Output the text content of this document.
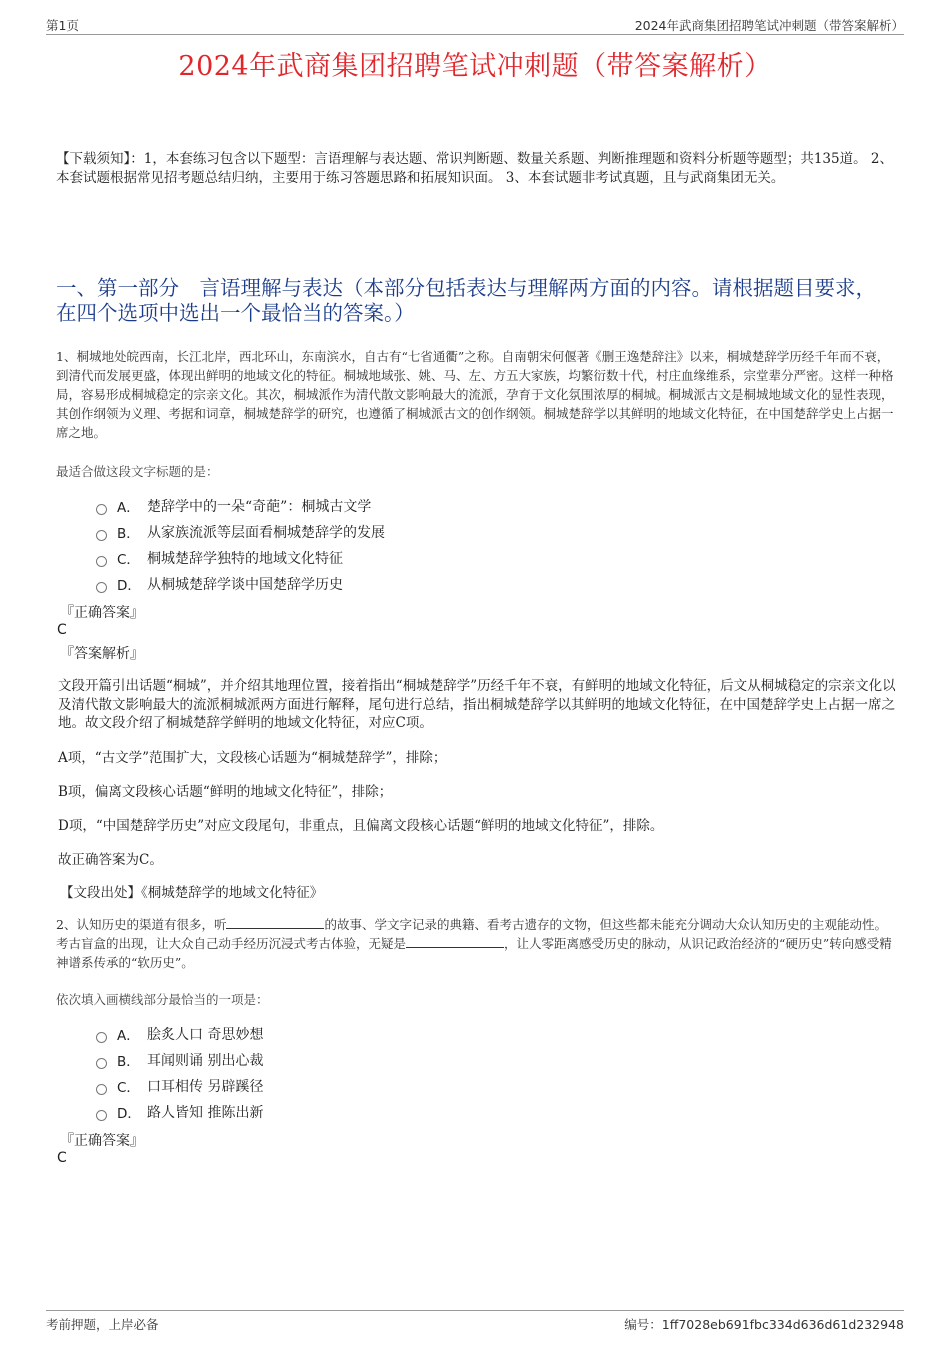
第1页	2024年武商集团招聘笔试冲刺题（带答案解析）
2024年武商集团招聘笔试冲刺题（带答案解析）
【下载须知】：1，本套练习包含以下题型：言语理解与表达题、常识判断题、数量关系题、判断推理题和资料分析题等题型；共135道。 2、本套试题根据常见招考题总结归纳，主要用于练习答题思路和拓展知识面。 3、本套试题非考试真题，且与武商集团无关。
一、第一部分　言语理解与表达（本部分包括表达与理解两方面的内容。请根据题目要求，在四个选项中选出一个最恰当的答案。）
1、桐城地处皖西南，长江北岸，西北环山，东南滨水，自古有“七省通衢”之称。自南朝宋何偃著《删王逸楚辞注》以来，桐城楚辞学历经千年而不衰，到清代而发展更盛，体现出鲜明的地域文化的特征。桐城地域张、姚、马、左、方五大家族，均繁衍数十代，村庄血缘维系，宗堂辈分严密。这样一种格局，容易形成桐城稳定的宗亲文化。其次，桐城派作为清代散文影响最大的流派，孕育于文化氛围浓厚的桐城。桐城派古文是桐城地域文化的显性表现，其创作纲领为义理、考据和词章，桐城楚辞学的研究，也遵循了桐城派古文的创作纲领。桐城楚辞学以其鲜明的地域文化特征，在中国楚辞学史上占据一席之地。
最适合做这段文字标题的是：
A． 楚辞学中的一朵“奇葩”：桐城古文学
B． 从家族流派等层面看桐城楚辞学的发展
C． 桐城楚辞学独特的地域文化特征
D． 从桐城楚辞学谈中国楚辞学历史
『正确答案』
C
『答案解析』
文段开篇引出话题“桐城”，并介绍其地理位置，接着指出“桐城楚辞学”历经千年不衰，有鲜明的地域文化特征，后文从桐城稳定的宗亲文化以及清代散文影响最大的流派桐城派两方面进行解释，尾句进行总结，指出桐城楚辞学以其鲜明的地域文化特征，在中国楚辞学史上占据一席之地。故文段介绍了桐城楚辞学鲜明的地域文化特征，对应C项。
A项，“古文学”范围扩大，文段核心话题为“桐城楚辞学”，排除；
B项，偏离文段核心话题“鲜明的地域文化特征”，排除；
D项，“中国楚辞学历史”对应文段尾句，非重点，且偏离文段核心话题“鲜明的地域文化特征”，排除。
故正确答案为C。
【文段出处】《桐城楚辞学的地域文化特征》
2、认知历史的渠道有很多，听	的故事、学文字记录的典籍、看考古遗存的文物，但这些都未能充分调动大众认知历史的主观能动性。考古盲盒的出现，让大众自己动手经历沉浸式考古体验，无疑是	，让人零距离感受历史的脉动，从识记政治经济的“硬历史”转向感受精神谱系传承的“软历史”。
依次填入画横线部分最恰当的一项是：
A． 脍炙人口 奇思妙想
B． 耳闻则诵 别出心裁
C． 口耳相传 另辟蹊径
D． 路人皆知 推陈出新
『正确答案』
C
考前押题，上岸必备	编号：1ff7028eb691fbc334d636d61d232948
